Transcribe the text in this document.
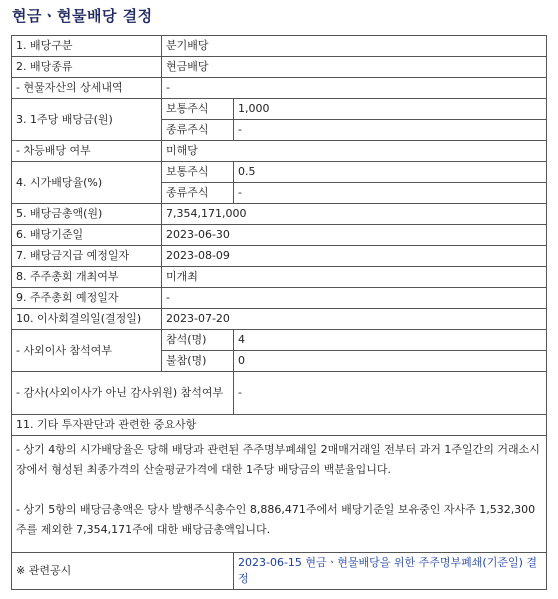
현금ㆍ현물배당 결정
1. 배당구분	분기배당	
2. 배당종류	현금배당	
- 현물자산의 상세내역	-	
3. 1주당 배당금(원)	보통주식	1,000
	종류주식	-
- 차등배당 여부	미해당	
4. 시가배당율(%)	보통주식	0.5
	종류주식	-
5. 배당금총액(원)	7,354,171,000	
6. 배당기준일	2023-06-30	
7. 배당금지급 예정일자	2023-08-09	
8. 주주총회 개최여부	미개최	
9. 주주총회 예정일자	-	
10. 이사회결의일(결정일)	2023-07-20	
- 사외이사 참석여부	참석(명)	4
	불참(명)	0
- 감사(사외이사가 아닌 감사위원) 참석여부		-
11. 기타 투자판단과 관련한 중요사항		

- 상기 4항의 시가배당율은 당해 배당과 관련된 주주명부폐쇄일 2매매거래일 전부터 과거 1주일간의 거래소시장에서 형성된 최종가격의 산술평균가격에 대한 1주당 배당금의 백분율입니다.
- 상기 5항의 배당금총액은 당사 발행주식총수인 8,886,471주에서 배당기준일 보유중인 자사주 1,532,300주를 제외한 7,354,171주에 대한 배당금총액입니다.		

※ 관련공시		2023-06-15 현금ㆍ현물배당을 위한 주주명부폐쇄(기준일) 결정
